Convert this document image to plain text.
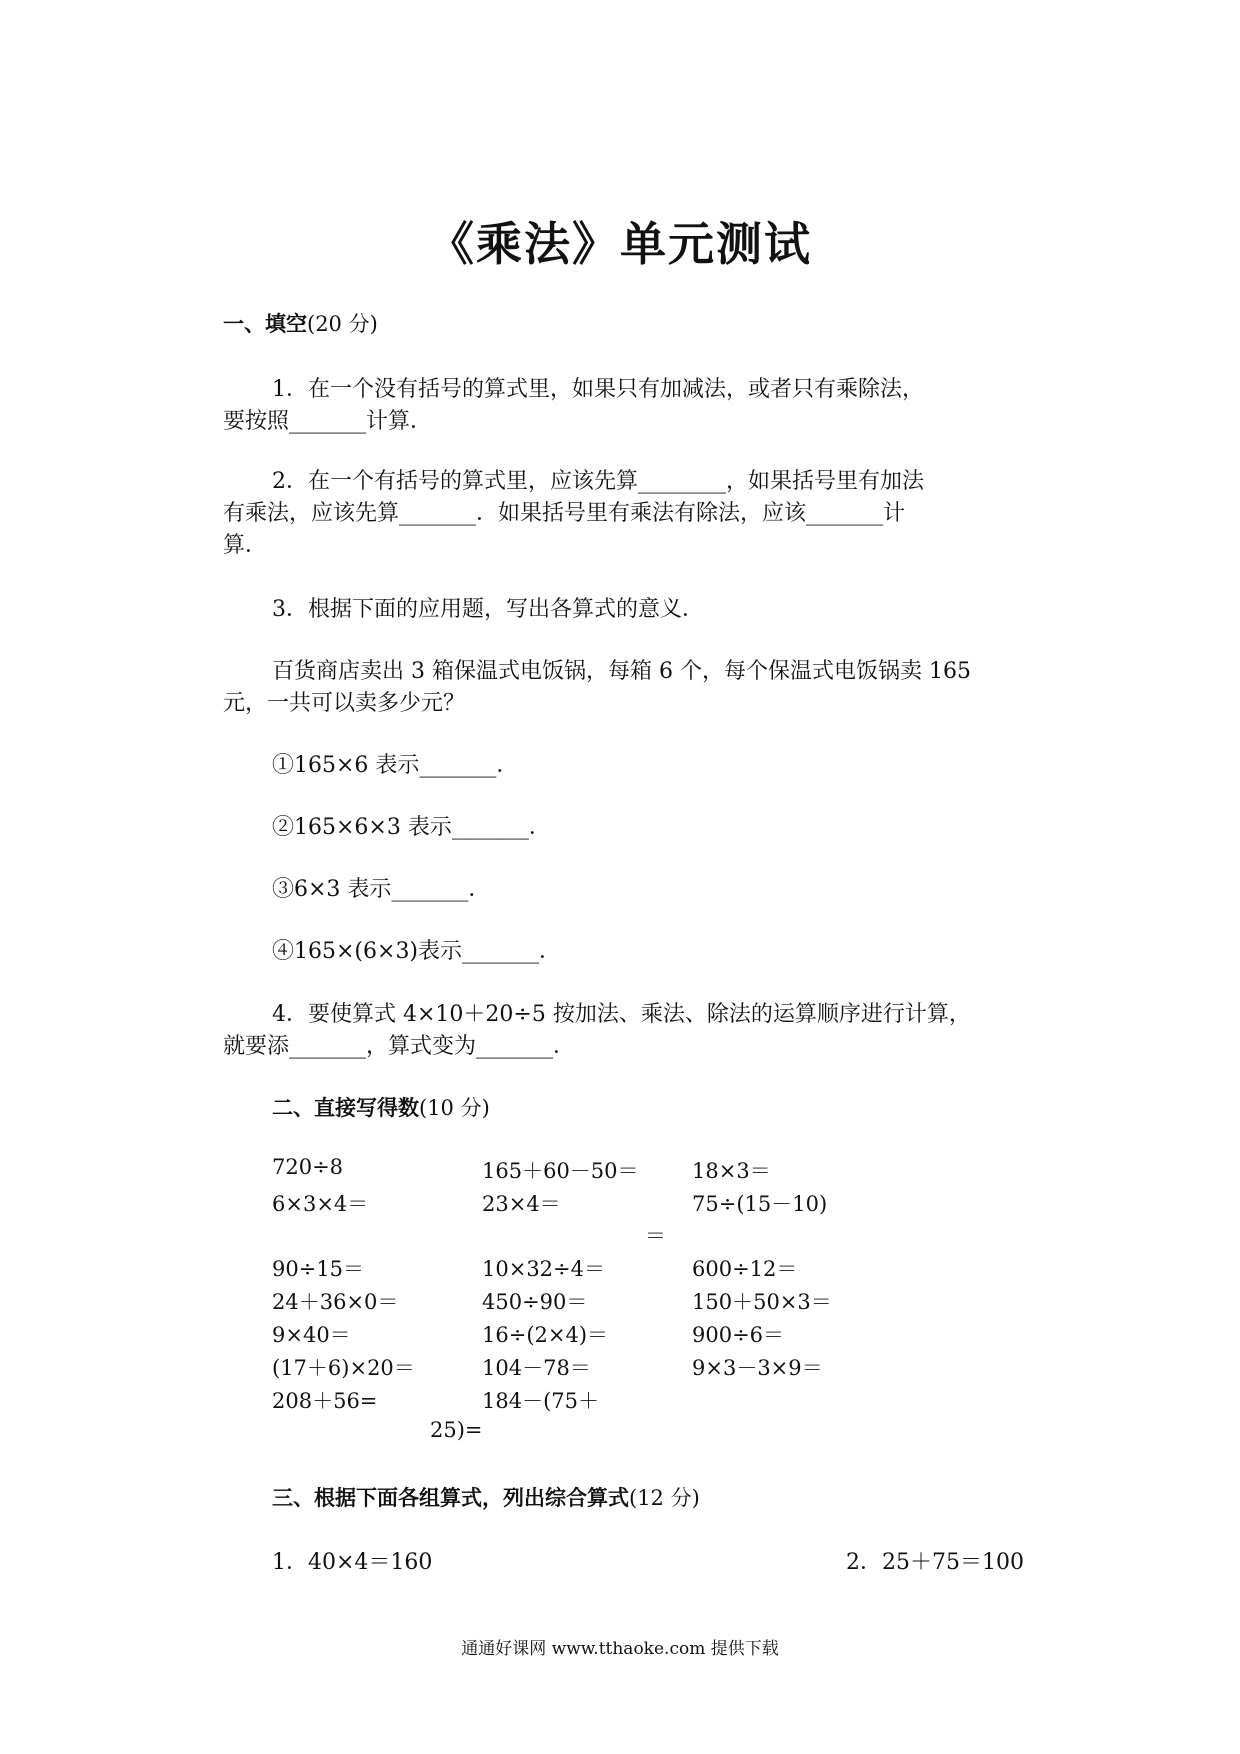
《乘法》单元测试
一、填空(20 分)
1．在一个没有括号的算式里，如果只有加减法，或者只有乘除法，
要按照_______计算．
2．在一个有括号的算式里，应该先算________，如果括号里有加法
有乘法，应该先算_______．如果括号里有乘法有除法，应该_______计
算．
3．根据下面的应用题，写出各算式的意义．
百货商店卖出 3 箱保温式电饭锅，每箱 6 个，每个保温式电饭锅卖 165
元，一共可以卖多少元？
①165×6 表示_______．
②165×6×3 表示_______．
③6×3 表示_______．
④165×(6×3)表示_______．
4．要使算式 4×10＋20÷5 按加法、乘法、除法的运算顺序进行计算，
就要添_______，算式变为_______．
二、直接写得数(10 分)
720÷8
6×3×4＝
90÷15＝
24＋36×0＝
9×40＝
(17＋6)×20＝
208＋56=
165＋60－50＝
23×4＝
10×32÷4＝
450÷90＝
16÷(2×4)＝
104－78＝
184－(75＋
18×3＝
75÷(15－10)
600÷12＝
150＋50×3＝
900÷6＝
9×3－3×9＝
＝
25)=
三、根据下面各组算式，列出综合算式(12 分)
1．40×4＝160	2．25＋75＝100
通通好课网 www.tthaoke.com 提供下载
